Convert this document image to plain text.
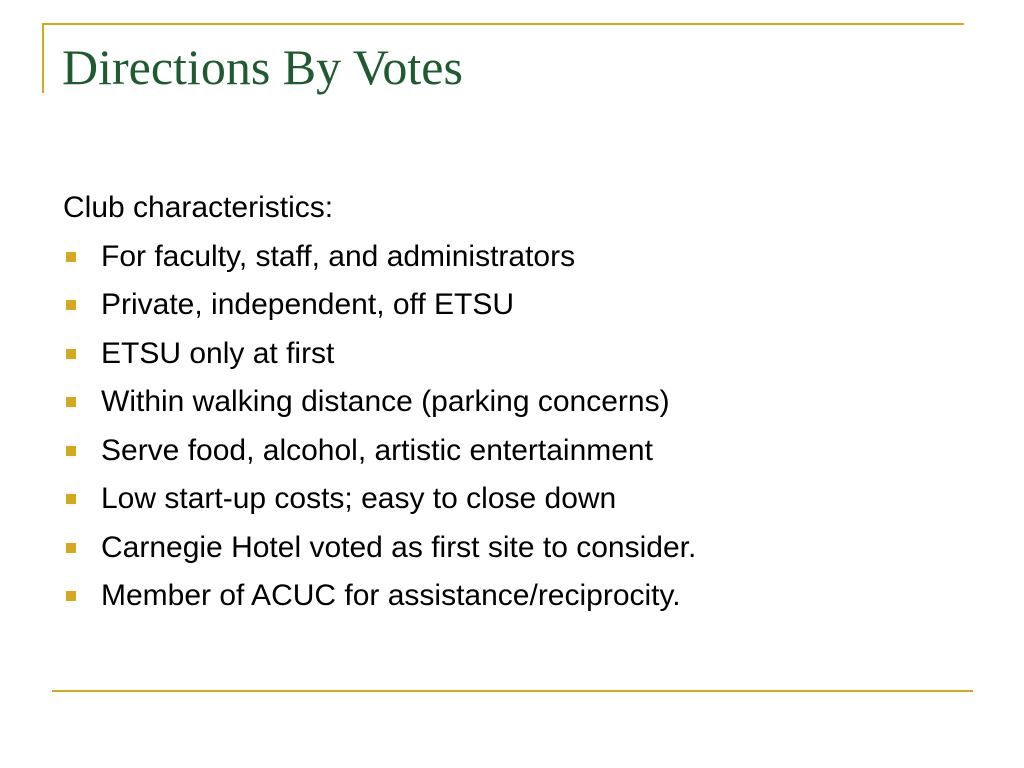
Directions By Votes

Club characteristics:

For faculty, staff, and administrators
Private, independent, off ETSU
ETSU only at first
Within walking distance (parking concerns)
Serve food, alcohol, artistic entertainment
Low start-up costs; easy to close down
Carnegie Hotel voted as first site to consider.
Member of ACUC for assistance/reciprocity.
